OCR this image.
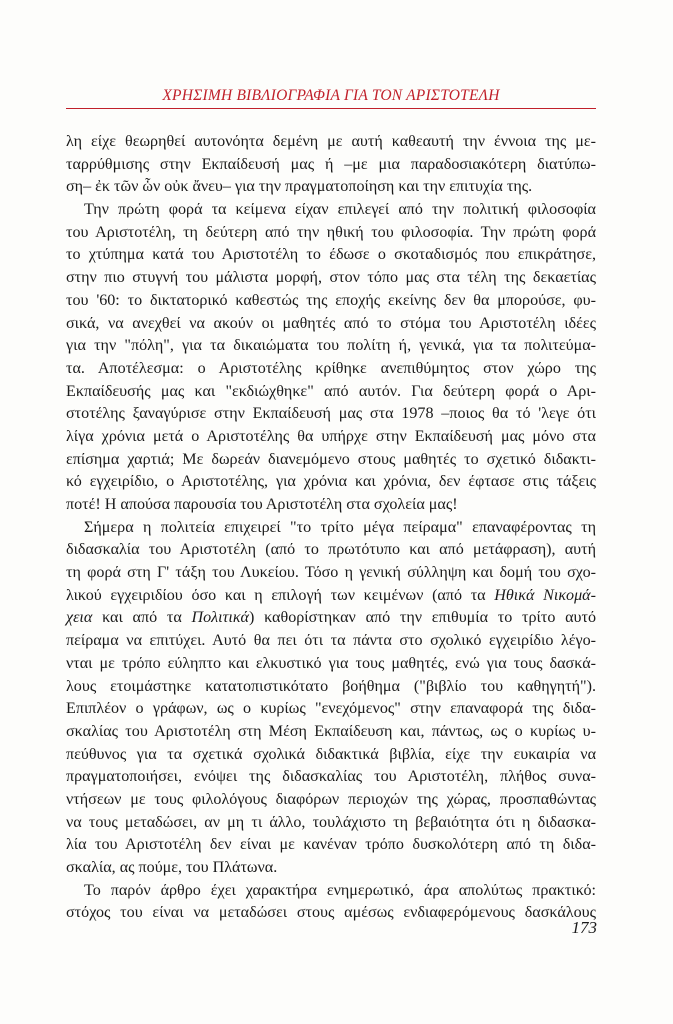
ΧΡΗΣΙΜΗ ΒΙΒΛΙΟΓΡΑΦΙΑ ΓΙΑ ΤΟΝ ΑΡΙΣΤΟΤΕΛΗ

λη είχε θεωρηθεί αυτονόητα δεμένη με αυτή καθεαυτή την έννοια της με-
ταρρύθμισης στην Εκπαίδευσή μας ή –με μια παραδοσιακότερη διατύπω-
ση– ἐκ τῶν ὧν οὐκ ἄνευ– για την πραγματοποίηση και την επιτυχία της.

Την πρώτη φορά τα κείμενα είχαν επιλεγεί από την πολιτική φιλοσοφία
του Αριστοτέλη, τη δεύτερη από την ηθική του φιλοσοφία. Την πρώτη φορά
το χτύπημα κατά του Αριστοτέλη το έδωσε ο σκοταδισμός που επικράτησε,
στην πιο στυγνή του μάλιστα μορφή, στον τόπο μας στα τέλη της δεκαετίας
του '60: το δικτατορικό καθεστώς της εποχής εκείνης δεν θα μπορούσε, φυ-
σικά, να ανεχθεί να ακούν οι μαθητές από το στόμα του Αριστοτέλη ιδέες
για την "πόλη", για τα δικαιώματα του πολίτη ή, γενικά, για τα πολιτεύμα-
τα. Αποτέλεσμα: ο Αριστοτέλης κρίθηκε ανεπιθύμητος στον χώρο της
Εκπαίδευσής μας και "εκδιώχθηκε" από αυτόν. Για δεύτερη φορά ο Αρι-
στοτέλης ξαναγύρισε στην Εκπαίδευσή μας στα 1978 –ποιος θα τό 'λεγε ότι
λίγα χρόνια μετά ο Αριστοτέλης θα υπήρχε στην Εκπαίδευσή μας μόνο στα
επίσημα χαρτιά; Με δωρεάν διανεμόμενο στους μαθητές το σχετικό διδακτι-
κό εγχειρίδιο, ο Αριστοτέλης, για χρόνια και χρόνια, δεν έφτασε στις τάξεις
ποτέ! Η απούσα παρουσία του Αριστοτέλη στα σχολεία μας!

Σήμερα η πολιτεία επιχειρεί "το τρίτο μέγα πείραμα" επαναφέροντας τη
διδασκαλία του Αριστοτέλη (από το πρωτότυπο και από μετάφραση), αυτή
τη φορά στη Γ' τάξη του Λυκείου. Τόσο η γενική σύλληψη και δομή του σχο-
λικού εγχειριδίου όσο και η επιλογή των κειμένων (από τα Ηθικά Νικομά-
χεια και από τα Πολιτικά) καθορίστηκαν από την επιθυμία το τρίτο αυτό
πείραμα να επιτύχει. Αυτό θα πει ότι τα πάντα στο σχολικό εγχειρίδιο λέγο-
νται με τρόπο εύληπτο και ελκυστικό για τους μαθητές, ενώ για τους δασκά-
λους ετοιμάστηκε κατατοπιστικότατο βοήθημα ("βιβλίο του καθηγητή").
Επιπλέον ο γράφων, ως ο κυρίως "ενεχόμενος" στην επαναφορά της διδα-
σκαλίας του Αριστοτέλη στη Μέση Εκπαίδευση και, πάντως, ως ο κυρίως υ-
πεύθυνος για τα σχετικά σχολικά διδακτικά βιβλία, είχε την ευκαιρία να
πραγματοποιήσει, ενόψει της διδασκαλίας του Αριστοτέλη, πλήθος συνα-
ντήσεων με τους φιλολόγους διαφόρων περιοχών της χώρας, προσπαθώντας
να τους μεταδώσει, αν μη τι άλλο, τουλάχιστο τη βεβαιότητα ότι η διδασκα-
λία του Αριστοτέλη δεν είναι με κανέναν τρόπο δυσκολότερη από τη διδα-
σκαλία, ας πούμε, του Πλάτωνα.

Το παρόν άρθρο έχει χαρακτήρα ενημερωτικό, άρα απολύτως πρακτικό:
στόχος του είναι να μεταδώσει στους αμέσως ενδιαφερόμενους δασκάλους

173
